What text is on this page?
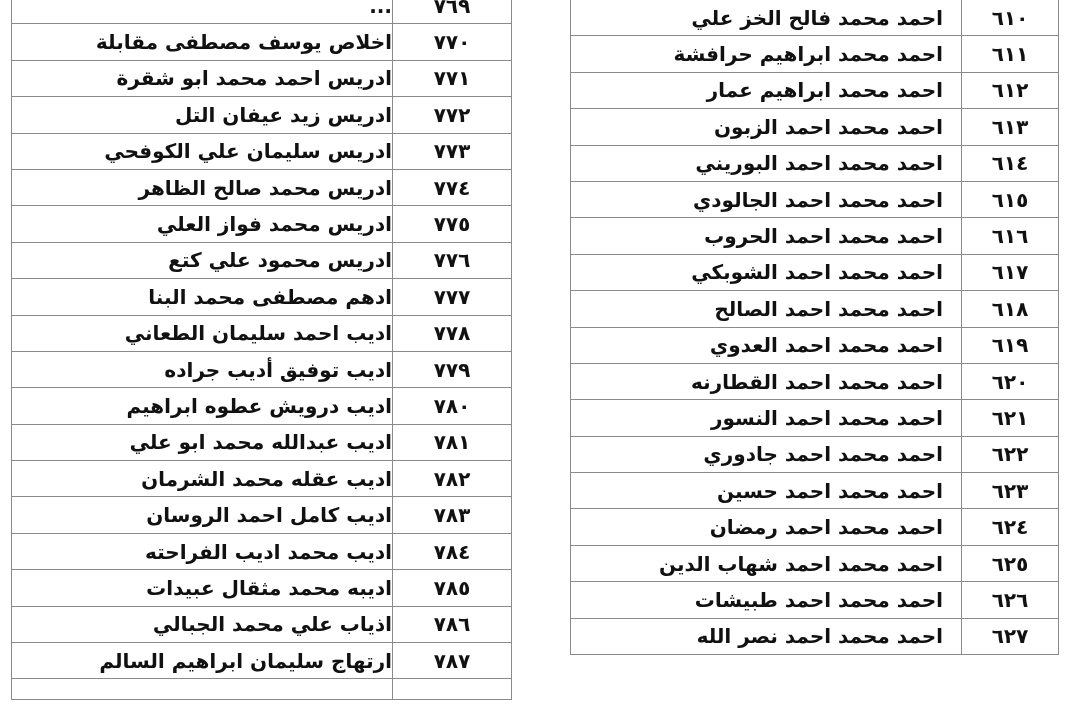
...	٧٦٩
اخلاص يوسف مصطفى مقابلة	٧٧٠
ادريس احمد محمد ابو شقرة	٧٧١
ادريس زيد عيفان التل	٧٧٢
ادريس سليمان علي الكوفحي	٧٧٣
ادريس محمد صالح الظاهر	٧٧٤
ادريس محمد فواز العلي	٧٧٥
ادريس محمود علي كتع	٧٧٦
ادهم مصطفى محمد البنا	٧٧٧
اديب احمد سليمان الطعاني	٧٧٨
اديب توفيق أديب جراده	٧٧٩
اديب درويش عطوه ابراهيم	٧٨٠
اديب عبدالله محمد ابو علي	٧٨١
اديب عقله محمد الشرمان	٧٨٢
اديب كامل احمد الروسان	٧٨٣
اديب محمد اديب الفراحته	٧٨٤
اديبه محمد مثقال عبيدات	٧٨٥
اذياب علي محمد الجبالي	٧٨٦
ارتهاج سليمان ابراهيم السالم	٧٨٧

احمد محمد فالح الخز علي	٦١٠
احمد محمد ابراهيم حرافشة	٦١١
احمد محمد ابراهيم عمار	٦١٢
احمد محمد احمد الزبون	٦١٣
احمد محمد احمد البوريني	٦١٤
احمد محمد احمد الجالودي	٦١٥
احمد محمد احمد الحروب	٦١٦
احمد محمد احمد الشوبكي	٦١٧
احمد محمد احمد الصالح	٦١٨
احمد محمد احمد العدوي	٦١٩
احمد محمد احمد القطارنه	٦٢٠
احمد محمد احمد النسور	٦٢١
احمد محمد احمد جادوري	٦٢٢
احمد محمد احمد حسين	٦٢٣
احمد محمد احمد رمضان	٦٢٤
احمد محمد احمد شهاب الدين	٦٢٥
احمد محمد احمد طبيشات	٦٢٦
احمد محمد احمد نصر الله	٦٢٧
